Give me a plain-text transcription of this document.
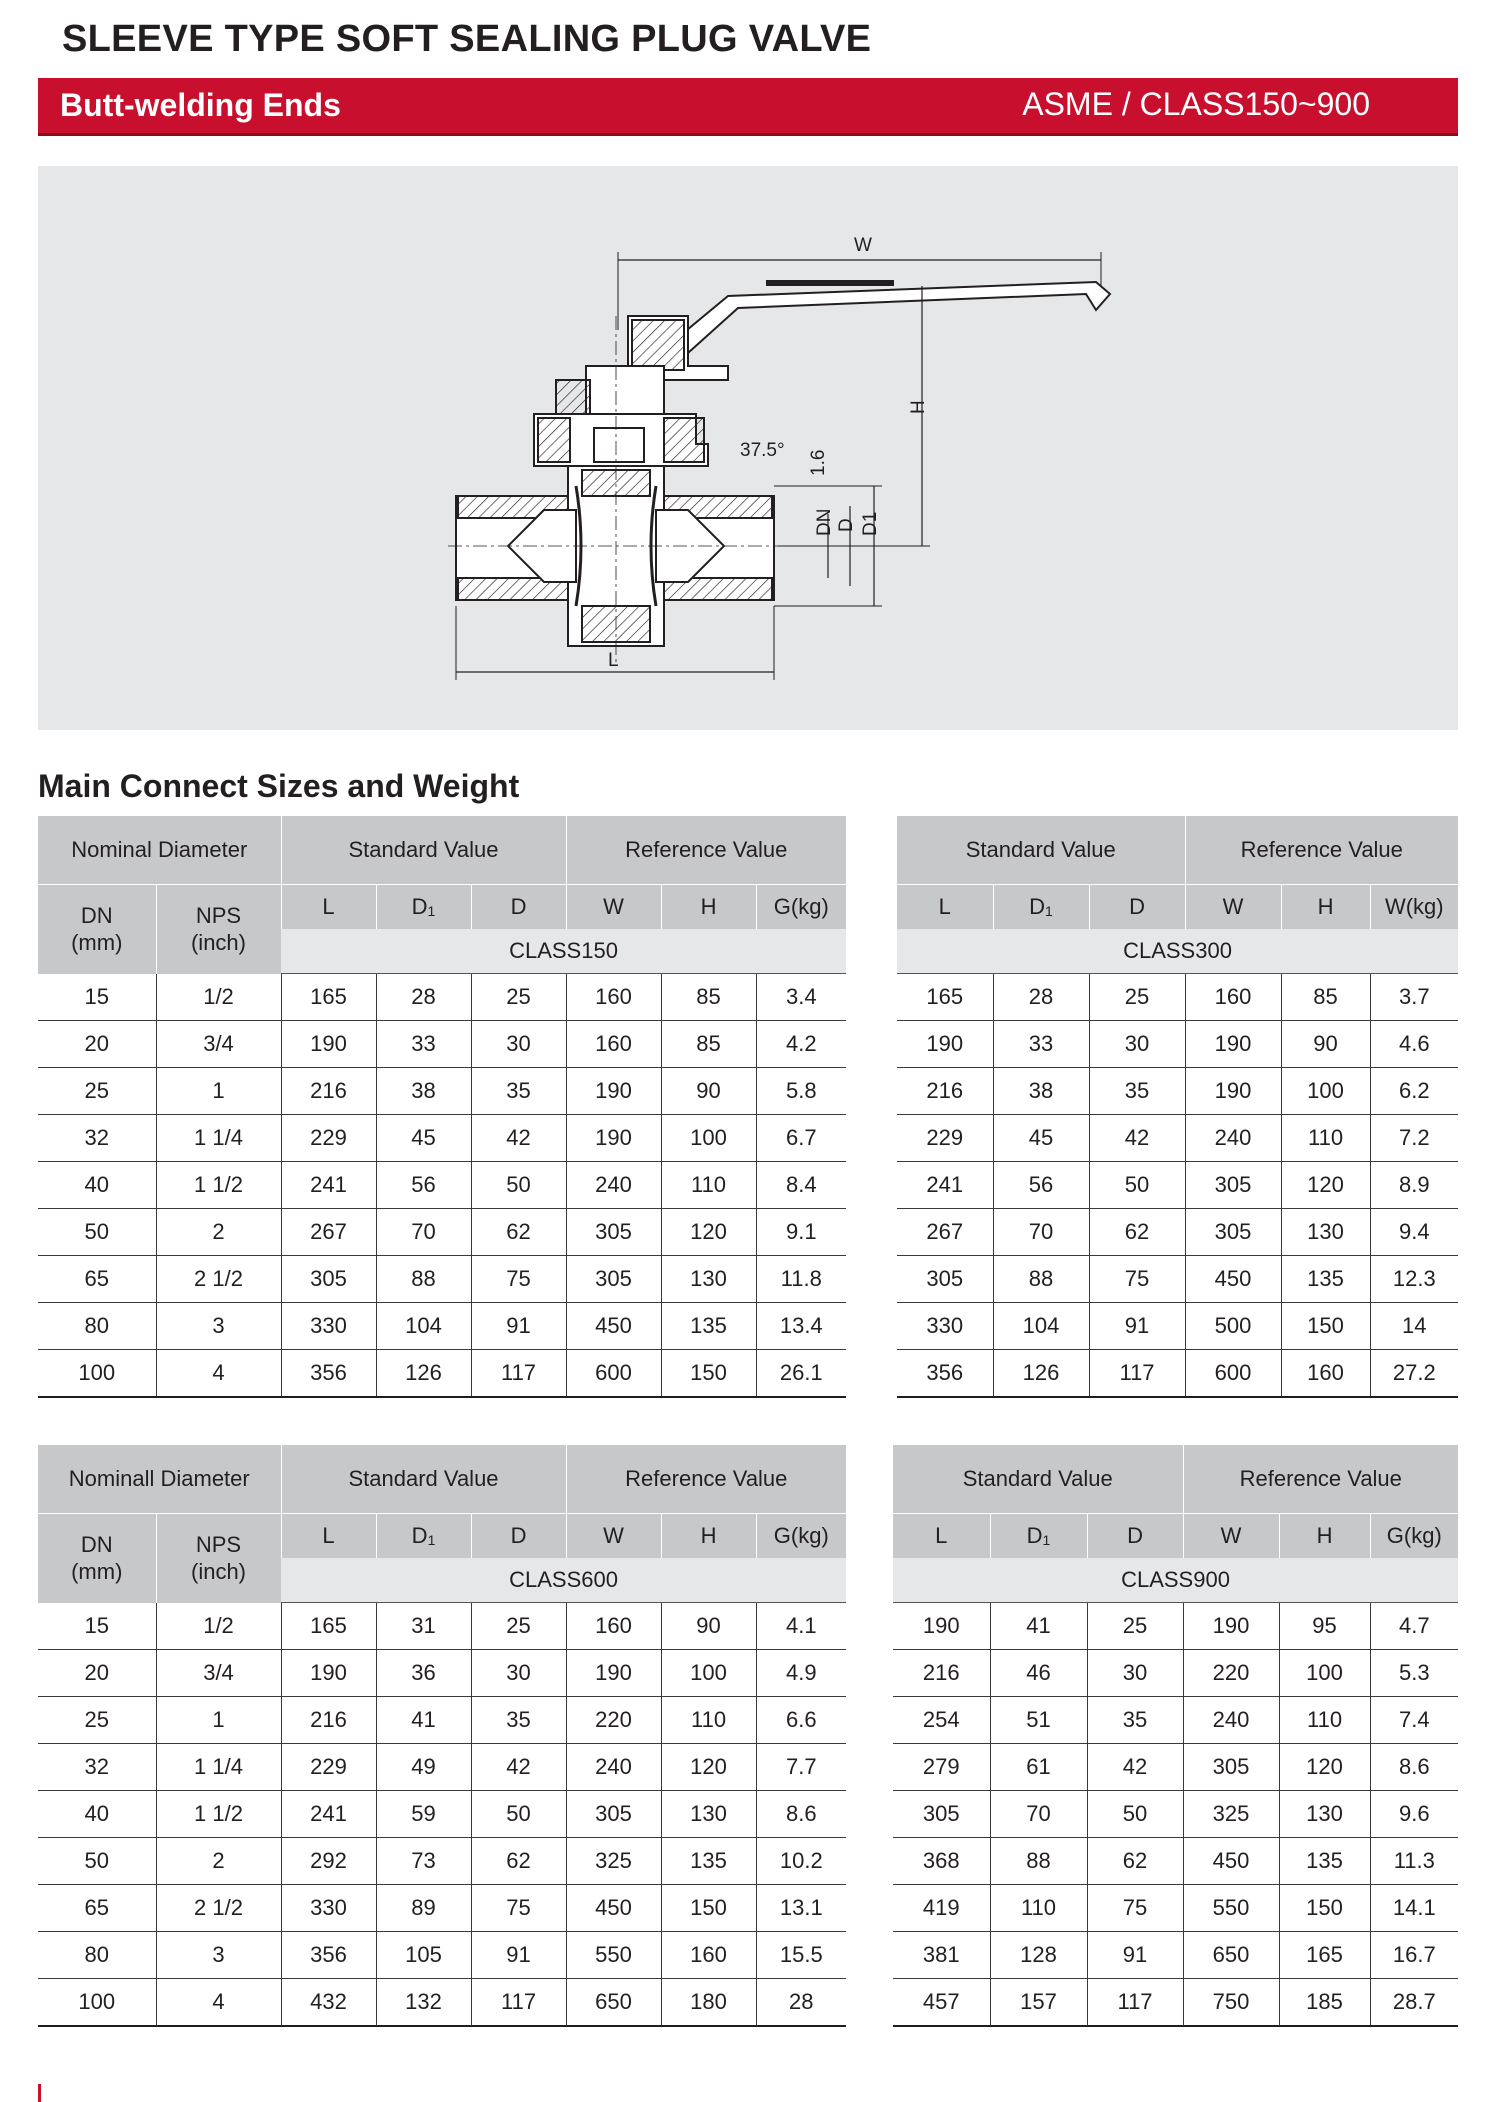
SLEEVE TYPE SOFT SEALING PLUG VALVE
Butt-welding Ends	ASME / CLASS150~900
W
L
H
DN D D1
37.5° 1.6
Main Connect Sizes and Weight
Nominal Diameter		Standard Value			Reference Value		
DN
(mm)	NPS
(inch)	L	$D_1$	D	W	H	G(kg)
		CLASS150					
15	1/2	165	28	25	160	85	3.4
20	3/4	190	33	30	160	85	4.2
25	1	216	38	35	190	90	5.8
32	1 1/4	229	45	42	190	100	6.7
40	1 1/2	241	56	50	240	110	8.4
50	2	267	70	62	305	120	9.1
65	2 1/2	305	88	75	305	130	11.8
80	3	330	104	91	450	135	13.4
100	4	356	126	117	600	150	26.1
Standard Value			Reference Value		
L	$D_1$	D	W	H	W(kg)
CLASS300					
165	28	25	160	85	3.7
190	33	30	190	90	4.6
216	38	35	190	100	6.2
229	45	42	240	110	7.2
241	56	50	305	120	8.9
267	70	62	305	130	9.4
305	88	75	450	135	12.3
330	104	91	500	150	14
356	126	117	600	160	27.2
Nominall Diameter		Standard Value			Reference Value		
DN
(mm)	NPS
(inch)	L	$D_1$	D	W	H	G(kg)
		CLASS600					
15	1/2	165	31	25	160	90	4.1
20	3/4	190	36	30	190	100	4.9
25	1	216	41	35	220	110	6.6
32	1 1/4	229	49	42	240	120	7.7
40	1 1/2	241	59	50	305	130	8.6
50	2	292	73	62	325	135	10.2
65	2 1/2	330	89	75	450	150	13.1
80	3	356	105	91	550	160	15.5
100	4	432	132	117	650	180	28
Standard Value			Reference Value		
L	$D_1$	D	W	H	G(kg)
CLASS900					
190	41	25	190	95	4.7
216	46	30	220	100	5.3
254	51	35	240	110	7.4
279	61	42	305	120	8.6
305	70	50	325	130	9.6
368	88	62	450	135	11.3
419	110	75	550	150	14.1
381	128	91	650	165	16.7
457	157	117	750	185	28.7
